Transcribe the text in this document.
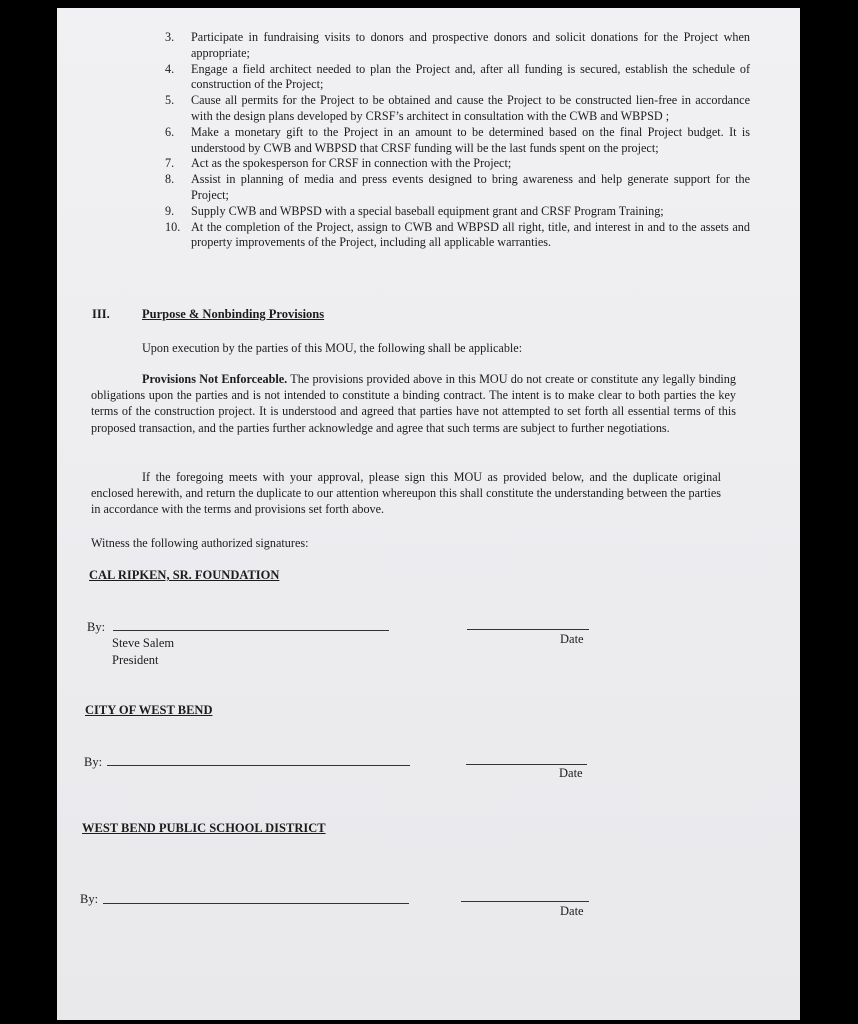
3. Participate in fundraising visits to donors and prospective donors and solicit donations for the Project when appropriate;
4. Engage a field architect needed to plan the Project and, after all funding is secured, establish the schedule of construction of the Project;
5. Cause all permits for the Project to be obtained and cause the Project to be constructed lien-free in accordance with the design plans developed by CRSF’s architect in consultation with the CWB and WBPSD ;
6. Make a monetary gift to the Project in an amount to be determined based on the final Project budget. It is understood by CWB and WBPSD that CRSF funding will be the last funds spent on the project;
7. Act as the spokesperson for CRSF in connection with the Project;
8. Assist in planning of media and press events designed to bring awareness and help generate support for the Project;
9. Supply CWB and WBPSD with a special baseball equipment grant and CRSF Program Training;
10. At the completion of the Project, assign to CWB and WBPSD all right, title, and interest in and to the assets and property improvements of the Project, including all applicable warranties.
III.	Purpose & Nonbinding Provisions
Upon execution by the parties of this MOU, the following shall be applicable:
Provisions Not Enforceable. The provisions provided above in this MOU do not create or constitute any legally binding obligations upon the parties and is not intended to constitute a binding contract. The intent is to make clear to both parties the key terms of the construction project. It is understood and agreed that parties have not attempted to set forth all essential terms of this proposed transaction, and the parties further acknowledge and agree that such terms are subject to further negotiations.
If the foregoing meets with your approval, please sign this MOU as provided below, and the duplicate original enclosed herewith, and return the duplicate to our attention whereupon this shall constitute the understanding between the parties in accordance with the terms and provisions set forth above.
Witness the following authorized signatures:
CAL RIPKEN, SR. FOUNDATION
By:
Steve Salem
President
Date
CITY OF WEST BEND
By:
Date
WEST BEND PUBLIC SCHOOL DISTRICT
By:
Date
